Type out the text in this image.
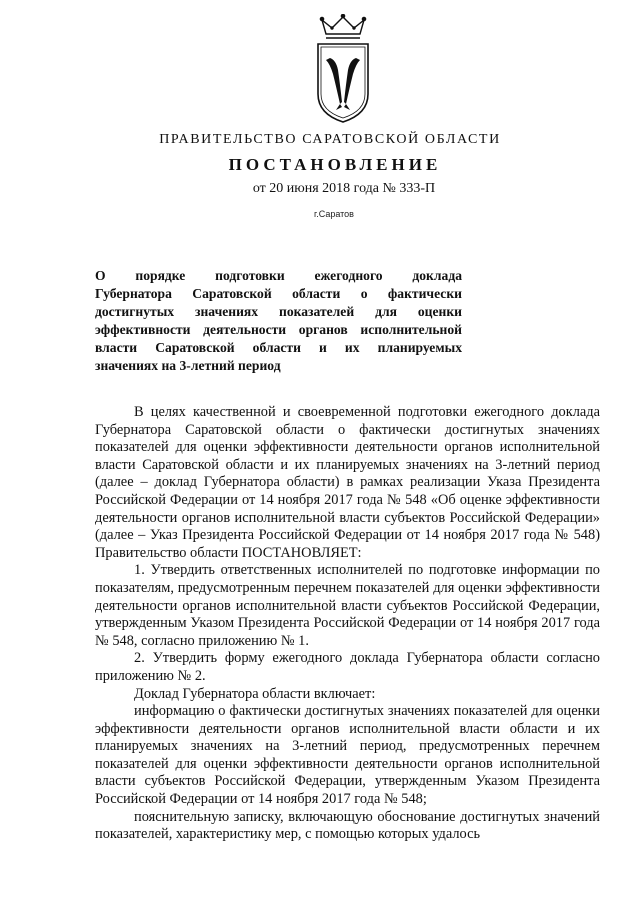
ПРАВИТЕЛЬСТВО САРАТОВСКОЙ ОБЛАСТИ
ПОСТАНОВЛЕНИЕ
от 20 июня 2018 года № 333-П
г.Саратов
О порядке подготовки ежегодного доклада
Губернатора Саратовской области о фактически
достигнутых значениях показателей для оценки
эффективности деятельности органов исполнительной
власти Саратовской области и их планируемых
значениях на 3-летний период

В целях качественной и своевременной подготовки ежегодного доклада Губернатора Саратовской области о фактически достигнутых значениях показателей для оценки эффективности деятельности органов исполнительной власти Саратовской области и их планируемых значениях на 3-летний период (далее – доклад Губернатора области) в рамках реализации Указа Президента Российской Федерации от 14 ноября 2017 года № 548 «Об оценке эффективности деятельности органов исполнительной власти субъектов Российской Федерации» (далее – Указ Президента Российской Федерации от 14 ноября 2017 года № 548) Правительство области ПОСТАНОВЛЯЕТ:

1. Утвердить ответственных исполнителей по подготовке информации по показателям, предусмотренным перечнем показателей для оценки эффективности деятельности органов исполнительной власти субъектов Российской Федерации, утвержденным Указом Президента Российской Федерации от 14 ноября 2017 года № 548, согласно приложению № 1.

2. Утвердить форму ежегодного доклада Губернатора области согласно приложению № 2.

Доклад Губернатора области включает:

информацию о фактически достигнутых значениях показателей для оценки эффективности деятельности органов исполнительной власти области и их планируемых значениях на 3-летний период, предусмотренных перечнем показателей для оценки эффективности деятельности органов исполнительной власти субъектов Российской Федерации, утвержденным Указом Президента Российской Федерации от 14 ноября 2017 года № 548;

пояснительную записку, включающую обоснование достигнутых значений показателей, характеристику мер, с помощью которых удалось
